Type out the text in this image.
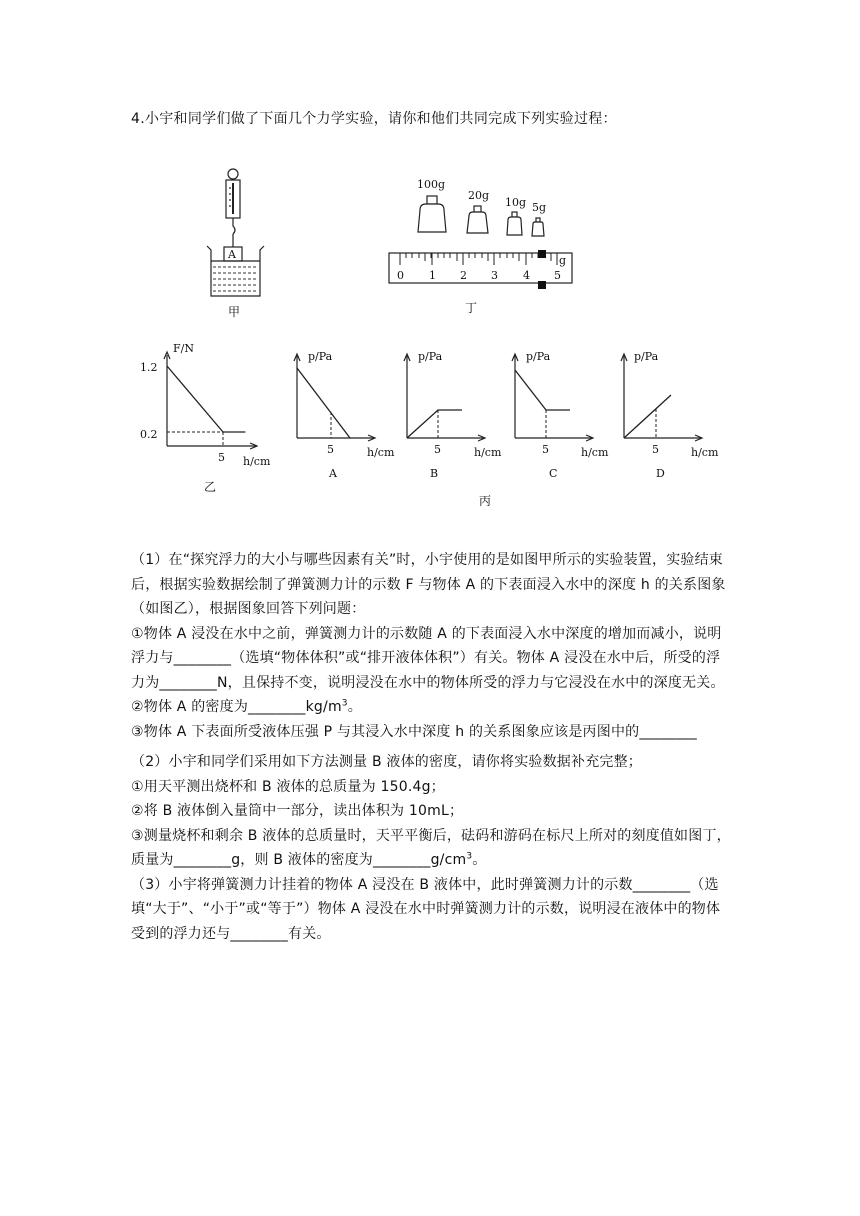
4.小宇和同学们做了下面几个力学实验，请你和他们共同完成下列实验过程：
A
甲
0 1 2 3 4 5
g
100g
20g
10g 5g
丁
F/N
1.2
0.2
5 h/cm
乙
p/Pa
5	h/cm
A
p/Pa
5	h/cm
B
p/Pa
5	h/cm
C
p/Pa
5	h/cm
D
丙

（1）在“探究浮力的大小与哪些因素有关”时，小宇使用的是如图甲所示的实验装置，实验结束后，根据实验数据绘制了弹簧测力计的示数 F 与物体 A 的下表面浸入水中的深度 h 的关系图象（如图乙），根据图象回答下列问题：

①物体 A 浸没在水中之前，弹簧测力计的示数随 A 的下表面浸入水中深度的增加而减小，说明浮力与________（选填“物体体积”或“排开液体体积”）有关。物体 A 浸没在水中后，所受的浮力为________N，且保持不变，说明浸没在水中的物体所受的浮力与它浸没在水中的深度无关。

②物体 A 的密度为$\_\_\_\_\_\_\_\_kg/m^3$。

③物体 A 下表面所受液体压强 P 与其浸入水中深度 h 的关系图象应该是丙图中的________

（2）小宇和同学们采用如下方法测量 B 液体的密度，请你将实验数据补充完整；

①用天平测出烧杯和 B 液体的总质量为 150.4g；

②将 B 液体倒入量筒中一部分，读出体积为 10mL；

③测量烧杯和剩余 B 液体的总质量时，天平平衡后，砝码和游码在标尺上所对的刻度值如图丁，质量为________g，则 B 液体的密度为$\_\_\_\_\_\_\_\_g/cm^3$。

（3）小宇将弹簧测力计挂着的物体 A 浸没在 B 液体中，此时弹簧测力计的示数________（选填“大于”、“小于”或“等于”）物体 A 浸没在水中时弹簧测力计的示数，说明浸在液体中的物体受到的浮力还与________有关。
